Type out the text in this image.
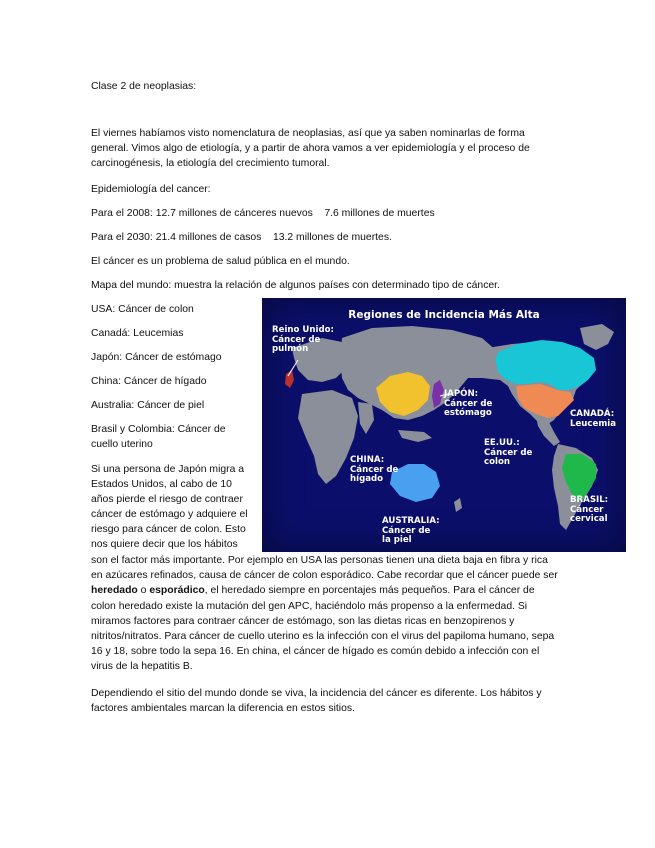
Clase 2 de neoplasias:
El viernes habíamos visto nomenclatura de neoplasias, así que ya saben nominarlas de forma general. Vimos algo de etiología, y a partir de ahora vamos a ver epidemiología y el proceso de carcinogénesis, la etiología del crecimiento tumoral.
Epidemiología del cancer:
Para el 2008: 12.7 millones de cánceres nuevos    7.6 millones de muertes
Para el 2030: 21.4 millones de casos    13.2 millones de muertes.
El cáncer es un problema de salud pública en el mundo.
Mapa del mundo: muestra la relación de algunos países con determinado tipo de cáncer.
USA: Cáncer de colon
Canadá: Leucemias
Japón: Cáncer de estómago
China: Cáncer de hígado
Australia: Cáncer de piel
Brasil y Colombia: Cáncer de
cuello uterino
Si una persona de Japón migra a
Estados Unidos, al cabo de 10
años pierde el riesgo de contraer
cáncer de estómago y adquiere el
riesgo para cáncer de colon. Esto
nos quiere decir que los hábitos
son el factor más importante. Por ejemplo en USA las personas tienen una dieta baja en fibra y rica en azúcares refinados, causa de cáncer de colon esporádico. Cabe recordar que el cáncer puede ser heredado o esporádico, el heredado siempre en porcentajes más pequeños. Para el cáncer de colon heredado existe la mutación del gen APC, haciéndolo más propenso a la enfermedad. Si miramos factores para contraer cáncer de estómago, son las dietas ricas en benzopirenos y nitritos/nitratos. Para cáncer de cuello uterino es la infección con el virus del papiloma humano, sepa 16 y 18, sobre todo la sepa 16. En china, el cáncer de hígado es común debido a infección con el virus de la hepatitis B.
Dependiendo el sitio del mundo donde se viva, la incidencia del cáncer es diferente. Los hábitos y factores ambientales marcan la diferencia en estos sitios.
Regiones de Incidencia Más Alta
Reino Unido:
Cáncer de
pulmón
JAPÓN:
Cáncer de
estómago	CANADÁ:
Leucemia
EE.UU.:
Cáncer de
colon
CHINA:
Cáncer de
hígado
BRASIL:
Cáncer
cervical
AUSTRALIA:
Cáncer de
la piel
